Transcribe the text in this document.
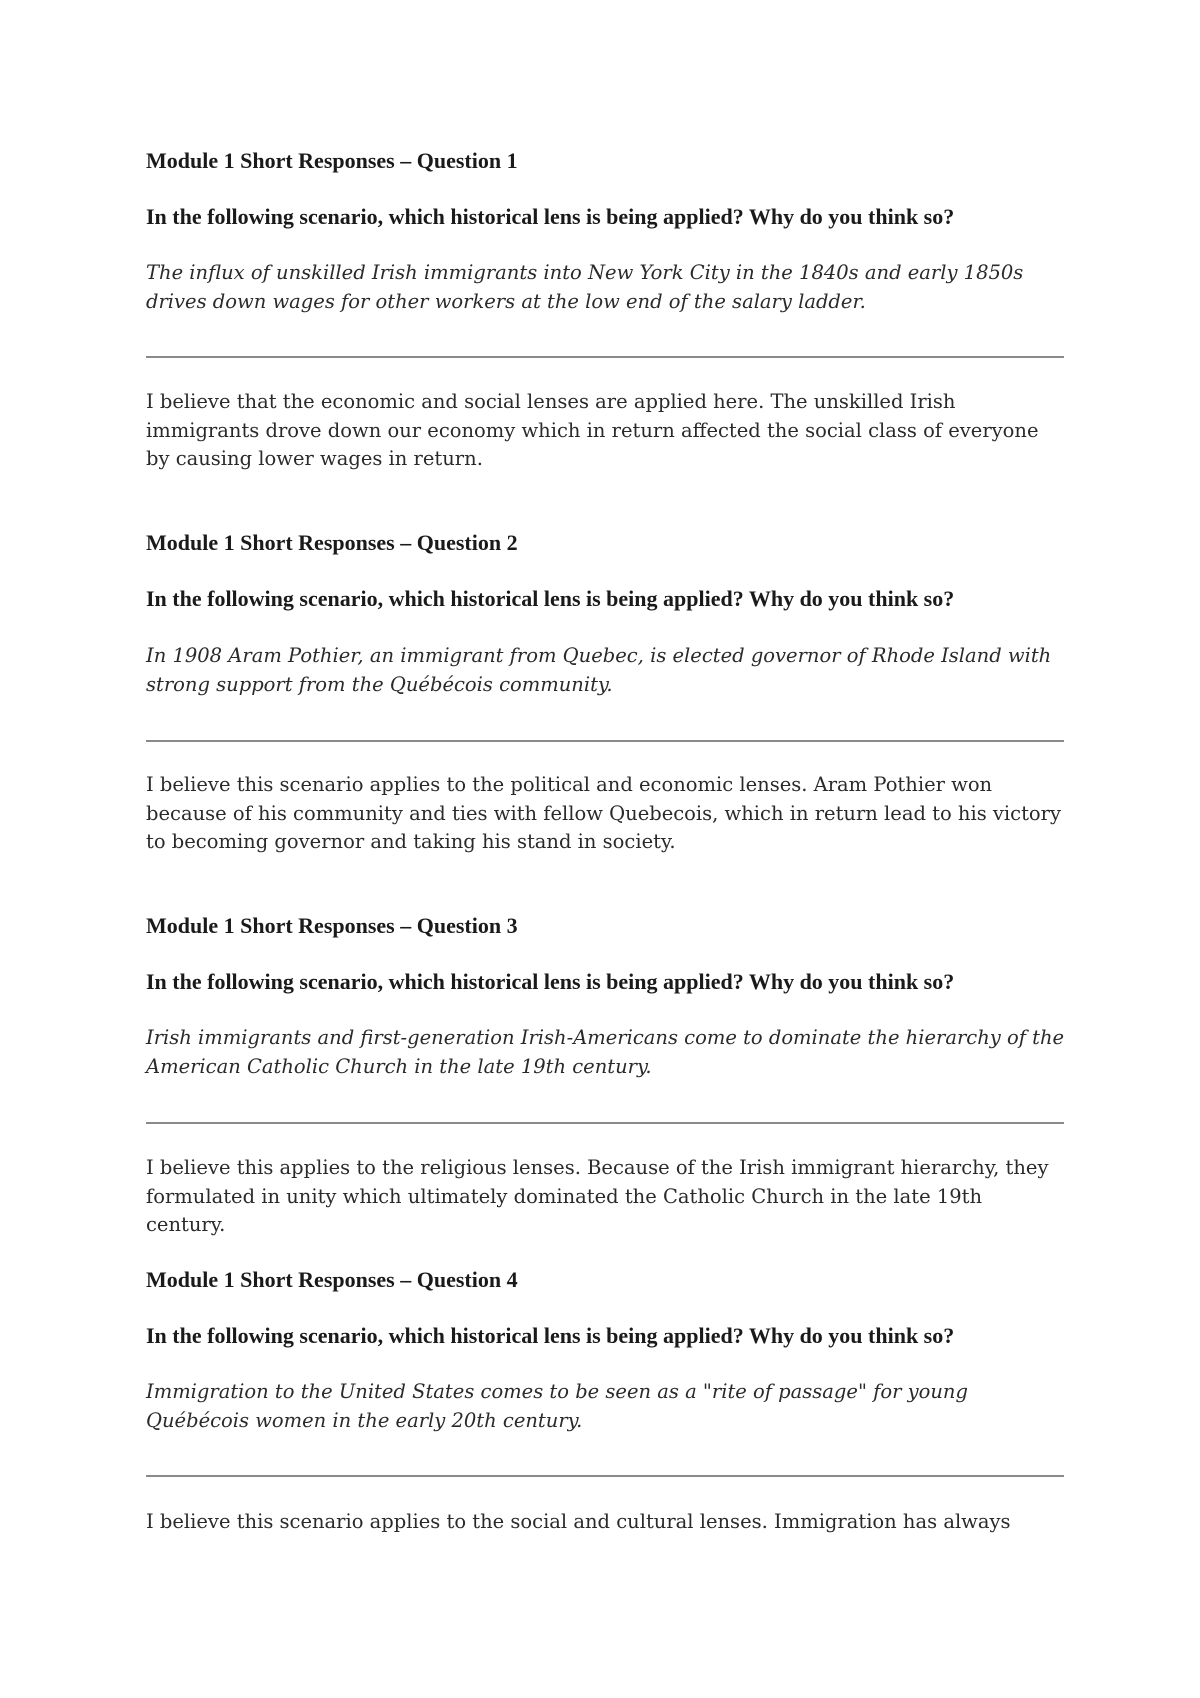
Module 1 Short Responses – Question 1
In the following scenario, which historical lens is being applied? Why do you think so?
The influx of unskilled Irish immigrants into New York City in the 1840s and early 1850s drives down wages for other workers at the low end of the salary ladder.
I believe that the economic and social lenses are applied here. The unskilled Irish immigrants drove down our economy which in return affected the social class of everyone by causing lower wages in return.
Module 1 Short Responses – Question 2
In the following scenario, which historical lens is being applied? Why do you think so?
In 1908 Aram Pothier, an immigrant from Quebec, is elected governor of Rhode Island with strong support from the Québécois community.
I believe this scenario applies to the political and economic lenses. Aram Pothier won because of his community and ties with fellow Quebecois, which in return lead to his victory to becoming governor and taking his stand in society.
Module 1 Short Responses – Question 3
In the following scenario, which historical lens is being applied? Why do you think so?
Irish immigrants and first-generation Irish-Americans come to dominate the hierarchy of the American Catholic Church in the late 19th century.
I believe this applies to the religious lenses. Because of the Irish immigrant hierarchy, they formulated in unity which ultimately dominated the Catholic Church in the late 19th century.
Module 1 Short Responses – Question 4
In the following scenario, which historical lens is being applied? Why do you think so?
Immigration to the United States comes to be seen as a "rite of passage" for young Québécois women in the early 20th century.
I believe this scenario applies to the social and cultural lenses. Immigration has always
